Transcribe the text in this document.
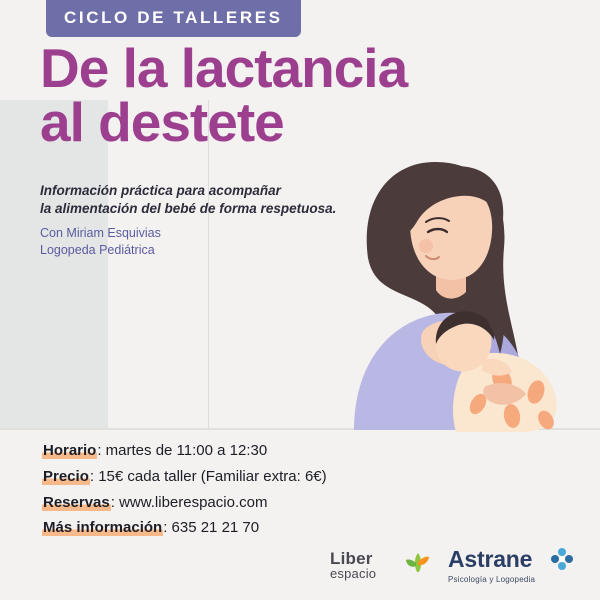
CICLO DE TALLERES
De la lactancia
al destete
Información práctica para acompañar
la alimentación del bebé de forma respetuosa.
Con Miriam Esquivias
Logopeda Pediátrica
Horario: martes de 11:00 a 12:30
Precio: 15€ cada taller (Familiar extra: 6€)
Reservas: www.liberespacio.com
Más información: 635 21 21 70
Liber
espacio
Astrane
Psicología y Logopedia
